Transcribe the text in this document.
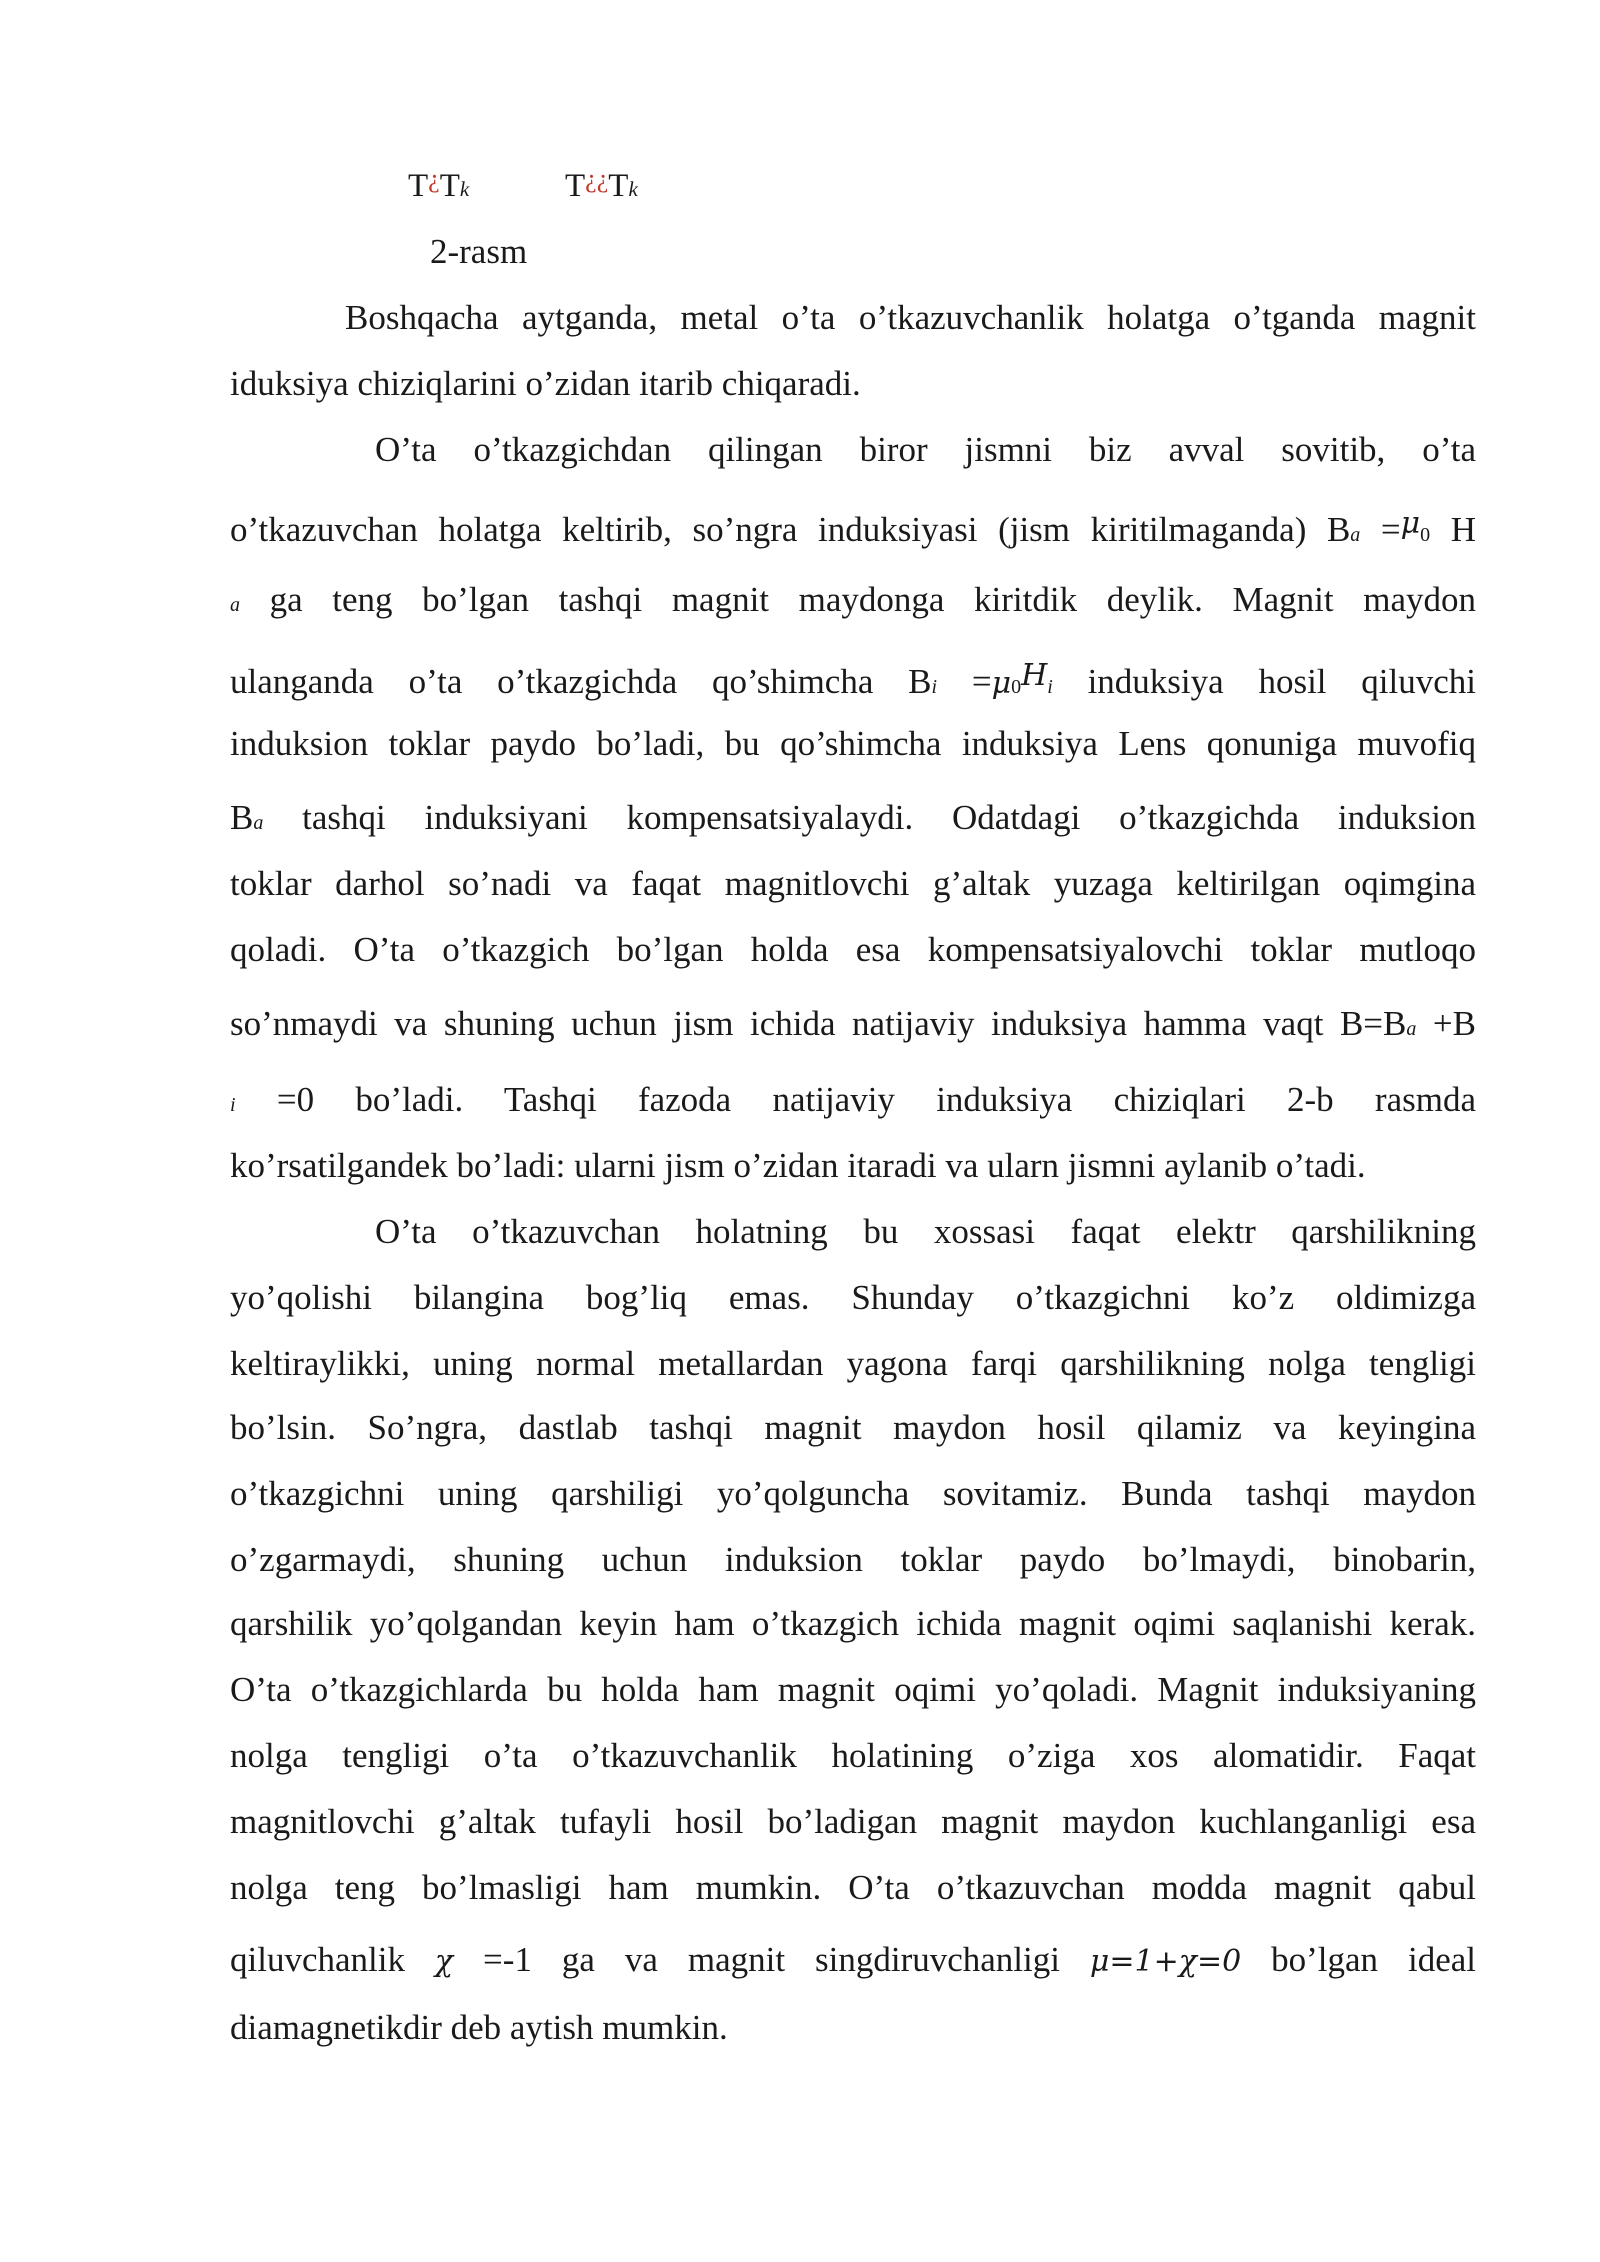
T¿Tk	T¿¿Tk
2-rasm
Boshqacha aytganda, metal o’ta o’tkazuvchanlik holatga o’tganda magnit
iduksiya chiziqlarini o’zidan itarib chiqaradi.
O’ta o’tkazgichdan qilingan biror jismni biz avval sovitib, o’ta
o’tkazuvchan holatga keltirib, so’ngra induksiyasi (jism kiritilmaganda) Ba =μ0 H
a ga teng bo’lgan tashqi magnit maydonga kiritdik deylik. Magnit maydon
ulanganda o’ta o’tkazgichda qo’shimcha Bi =μ0Hi induksiya hosil qiluvchi
induksion toklar paydo bo’ladi, bu qo’shimcha induksiya Lens qonuniga muvofiq
Ba tashqi induksiyani kompensatsiyalaydi. Odatdagi o’tkazgichda induksion
toklar darhol so’nadi va faqat magnitlovchi g’altak yuzaga keltirilgan oqimgina
qoladi. O’ta o’tkazgich bo’lgan holda esa kompensatsiyalovchi toklar mutloqo
so’nmaydi va shuning uchun jism ichida natijaviy induksiya hamma vaqt B=Ba +B
i =0 bo’ladi. Tashqi fazoda natijaviy induksiya chiziqlari 2-b rasmda
ko’rsatilgandek bo’ladi: ularni jism o’zidan itaradi va ularn jismni aylanib o’tadi.
O’ta o’tkazuvchan holatning bu xossasi faqat elektr qarshilikning
yo’qolishi bilangina bog’liq emas. Shunday o’tkazgichni ko’z oldimizga
keltiraylikki, uning normal metallardan yagona farqi qarshilikning nolga tengligi
bo’lsin. So’ngra, dastlab tashqi magnit maydon hosil qilamiz va keyingina
o’tkazgichni uning qarshiligi yo’qolguncha sovitamiz. Bunda tashqi maydon
o’zgarmaydi, shuning uchun induksion toklar paydo bo’lmaydi, binobarin,
qarshilik yo’qolgandan keyin ham o’tkazgich ichida magnit oqimi saqlanishi kerak.
O’ta o’tkazgichlarda bu holda ham magnit oqimi yo’qoladi. Magnit induksiyaning
nolga tengligi o’ta o’tkazuvchanlik holatining o’ziga xos alomatidir. Faqat
magnitlovchi g’altak tufayli hosil bo’ladigan magnit maydon kuchlanganligi esa
nolga teng bo’lmasligi ham mumkin. O’ta o’tkazuvchan modda magnit qabul
qiluvchanlik χ =-1 ga va magnit singdiruvchanligi μ=1+χ=0 bo’lgan ideal
diamagnetikdir deb aytish mumkin.
